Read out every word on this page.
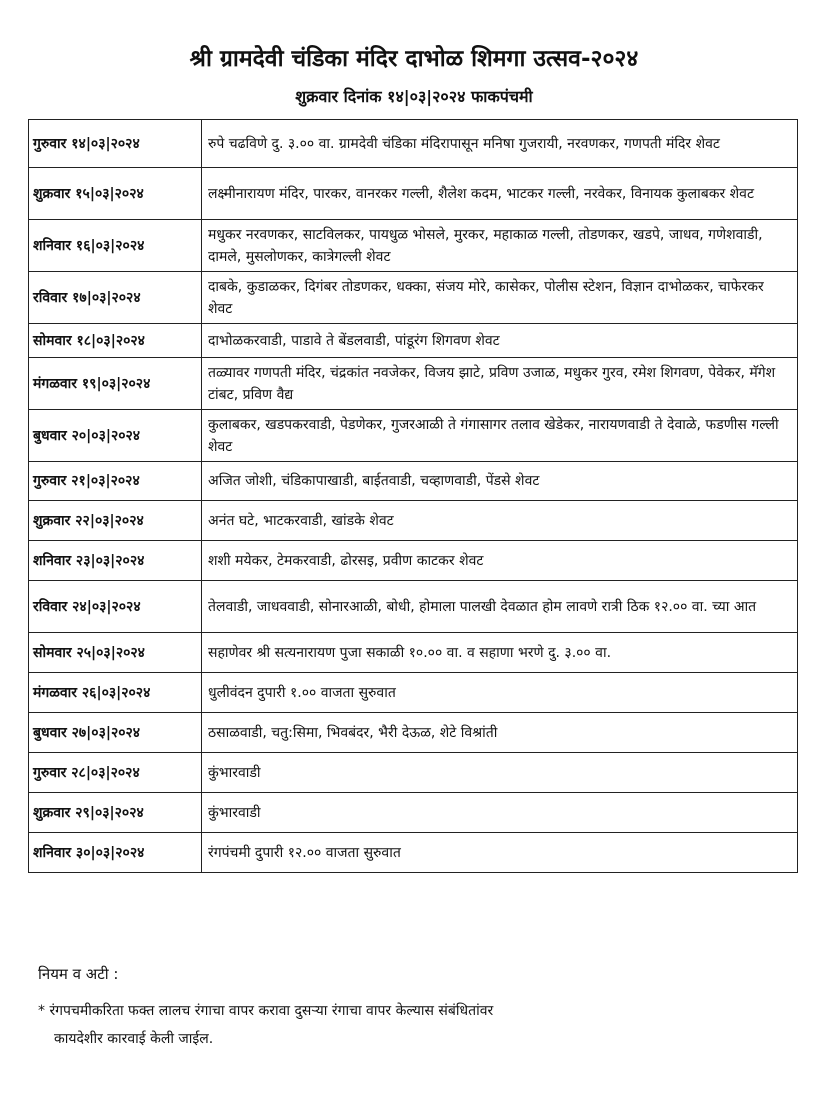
श्री ग्रामदेवी चंडिका मंदिर दाभोळ शिमगा उत्सव-२०२४
शुक्रवार दिनांक १४|०३|२०२४ फाकपंचमी
गुरुवार १४|०३|२०२४	रुपे चढविणे दु. ३.०० वा. ग्रामदेवी चंडिका मंदिरापासून मनिषा गुजरायी, नरवणकर, गणपती मंदिर शेवट
शुक्रवार १५|०३|२०२४	लक्ष्मीनारायण मंदिर, पारकर, वानरकर गल्ली, शैलेश कदम, भाटकर गल्ली, नरवेकर, विनायक कुलाबकर शेवट
शनिवार १६|०३|२०२४	मधुकर नरवणकर, साटविलकर, पायधुळ भोसले, मुरकर, महाकाळ गल्ली, तोडणकर, खडपे, जाधव, गणेशवाडी, दामले, मुसलोणकर, कात्रेगल्ली शेवट
रविवार १७|०३|२०२४	दाबके, कुडाळकर, दिगंबर तोडणकर, धक्का, संजय मोरे, कासेकर, पोलीस स्टेशन, विज्ञान दाभोळकर, चाफेरकर शेवट
सोमवार १८|०३|२०२४	दाभोळकरवाडी, पाडावे ते बेंडलवाडी, पांडूरंग शिगवण शेवट
मंगळवार १९|०३|२०२४	तळ्यावर गणपती मंदिर, चंद्रकांत नवजेकर, विजय झाटे, प्रविण उजाळ, मधुकर गुरव, रमेश शिगवण, पेवेकर, मॅगेश टांबट, प्रविण वैद्य
बुधवार २०|०३|२०२४	कुलाबकर, खडपकरवाडी, पेडणेकर, गुजरआळी ते गंगासागर तलाव खेडेकर, नारायणवाडी ते देवाळे, फडणीस गल्ली शेवट
गुरुवार २१|०३|२०२४	अजित जोशी, चंडिकापाखाडी, बाईतवाडी, चव्हाणवाडी, पेंडसे शेवट
शुक्रवार २२|०३|२०२४	अनंत घटे, भाटकरवाडी, खांडके शेवट
शनिवार २३|०३|२०२४	शशी मयेकर, टेमकरवाडी, ढोरसइ, प्रवीण काटकर शेवट
रविवार २४|०३|२०२४	तेलवाडी, जाधववाडी, सोनारआळी, बोधी, होमाला पालखी देवळात होम लावणे रात्री ठिक १२.०० वा. च्या आत
सोमवार २५|०३|२०२४	सहाणेवर श्री सत्यनारायण पुजा सकाळी १०.०० वा. व सहाणा भरणे दु. ३.०० वा.
मंगळवार २६|०३|२०२४	धुलीवंदन दुपारी १.०० वाजता सुरुवात
बुधवार २७|०३|२०२४	ठसाळवाडी, चतु:सिमा, भिवबंदर, भैरी देऊळ, शेटे विश्रांती
गुरुवार २८|०३|२०२४	कुंभारवाडी
शुक्रवार २९|०३|२०२४	कुंभारवाडी
शनिवार ३०|०३|२०२४	रंगपंचमी दुपारी १२.०० वाजता सुरुवात
नियम व अटी :
* रंगपचमीकरिता फक्त लालच रंगाचा वापर करावा दुसऱ्या रंगाचा वापर केल्यास संबंधितांवर
कायदेशीर कारवाई केली जाईल.
